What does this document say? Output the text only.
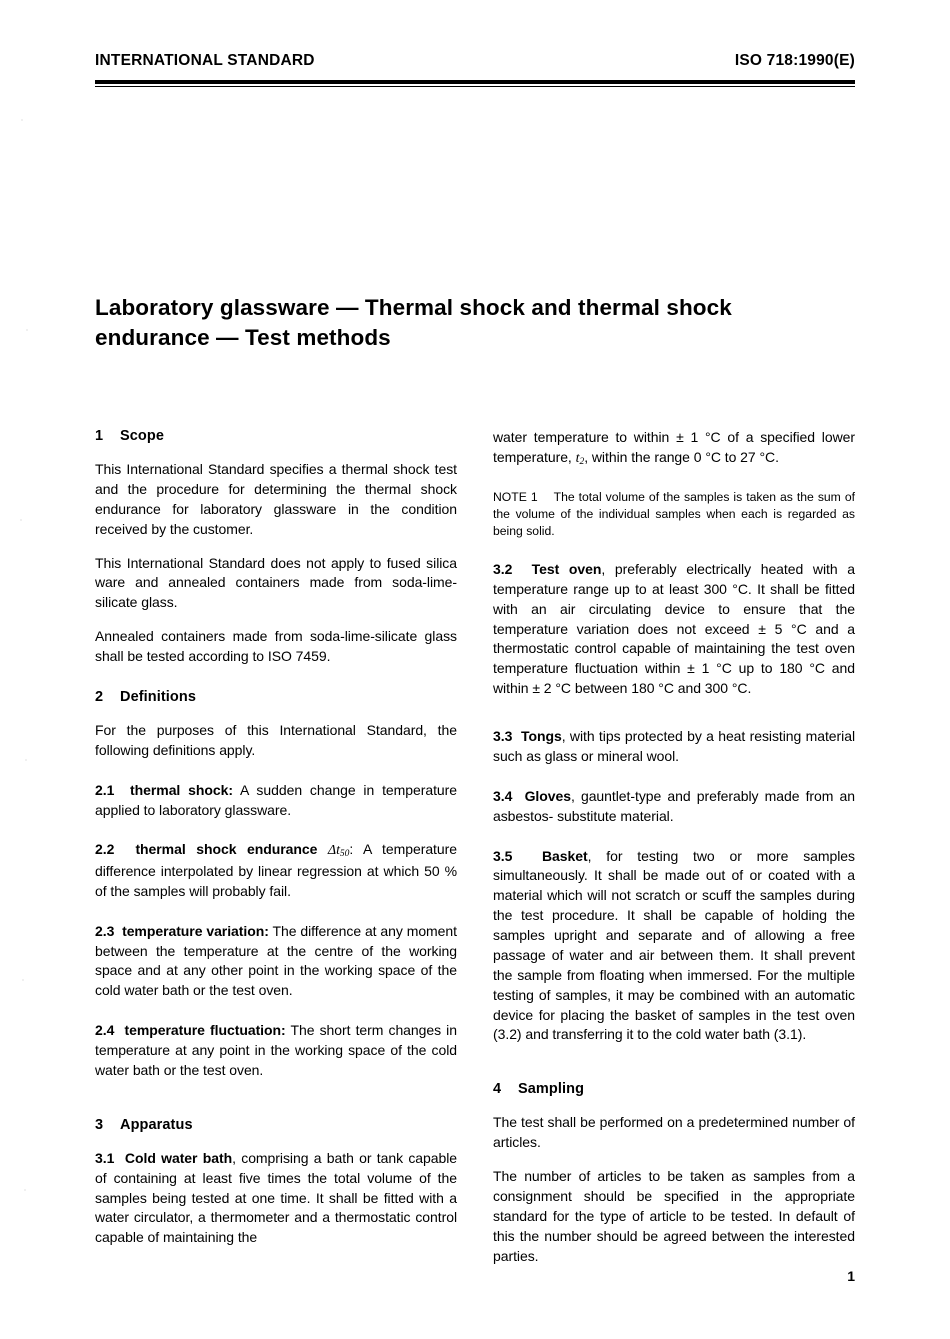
INTERNATIONAL STANDARD	ISO 718:1990(E)
Laboratory glassware — Thermal shock and thermal shock endurance — Test methods
1 Scope

This International Standard specifies a thermal shock test and the procedure for determining the thermal shock endurance for laboratory glassware in the condition received by the customer.

This International Standard does not apply to fused silica ware and annealed containers made from soda-lime-silicate glass.

Annealed containers made from soda-lime-silicate glass shall be tested according to ISO 7459.

2 Definitions

For the purposes of this International Standard, the following definitions apply.

2.1 thermal shock: A sudden change in temperature applied to laboratory glassware.

2.2 thermal shock endurance $\Delta t_{50}$: A temperature difference interpolated by linear regression at which 50 % of the samples will probably fail.

2.3 temperature variation: The difference at any moment between the temperature at the centre of the working space and at any other point in the working space of the cold water bath or the test oven.

2.4 temperature fluctuation: The short term changes in temperature at any point in the working space of the cold water bath or the test oven.

3 Apparatus

3.1 Cold water bath, comprising a bath or tank capable of containing at least five times the total volume of the samples being tested at one time. It shall be fitted with a water circulator, a thermometer and a thermostatic control capable of maintaining the

water temperature to within ± 1 °C of a specified lower temperature, $t_2$, within the range 0 °C to 27 °C.

NOTE 1 The total volume of the samples is taken as the sum of the volume of the individual samples when each is regarded as being solid.

3.2 Test oven, preferably electrically heated with a temperature range up to at least 300 °C. It shall be fitted with an air circulating device to ensure that the temperature variation does not exceed ± 5 °C and a thermostatic control capable of maintaining the test oven temperature fluctuation within ± 1 °C up to 180 °C and within ± 2 °C between 180 °C and 300 °C.

3.3 Tongs, with tips protected by a heat resisting material such as glass or mineral wool.

3.4 Gloves, gauntlet-type and preferably made from an asbestos- substitute material.

3.5 Basket, for testing two or more samples simultaneously. It shall be made out of or coated with a material which will not scratch or scuff the samples during the test procedure. It shall be capable of holding the samples upright and separate and of allowing a free passage of water and air between them. It shall prevent the sample from floating when immersed. For the multiple testing of samples, it may be combined with an automatic device for placing the basket of samples in the test oven (3.2) and transferring it to the cold water bath (3.1).

4 Sampling

The test shall be performed on a predetermined number of articles.

The number of articles to be taken as samples from a consignment should be specified in the appropriate standard for the type of article to be tested. In default of this the number should be agreed between the interested parties.

1
